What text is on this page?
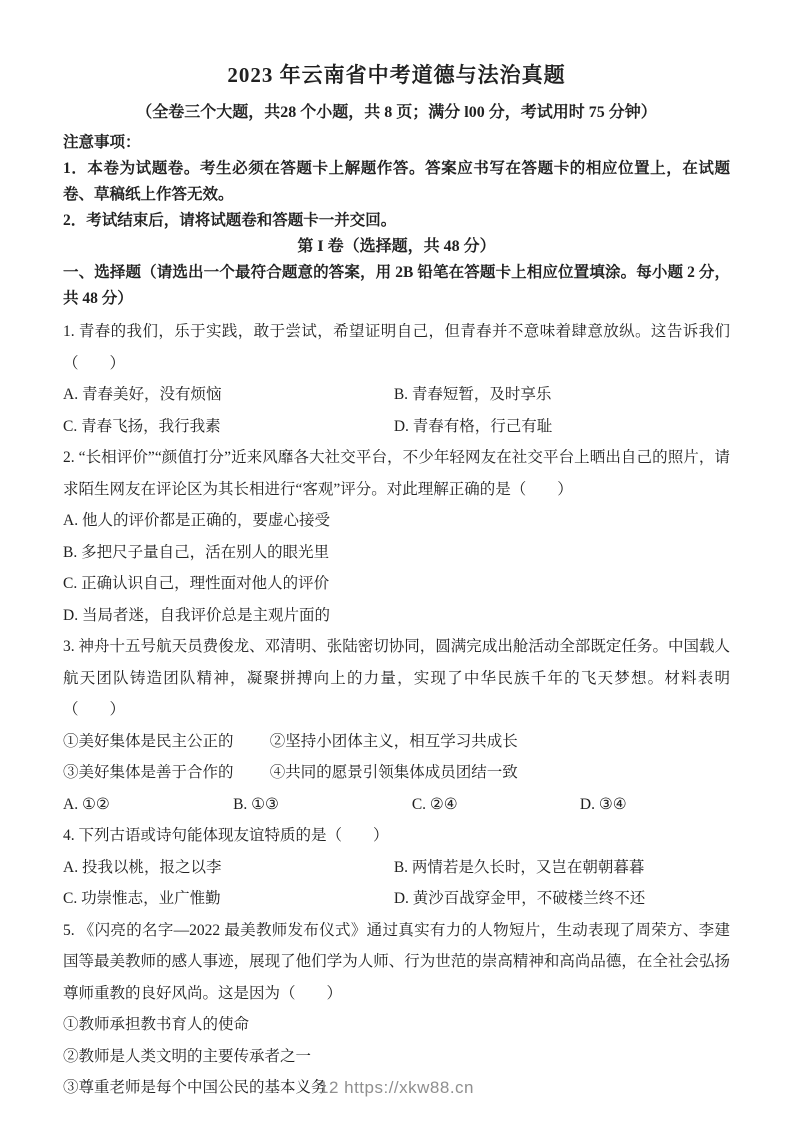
2023 年云南省中考道德与法治真题

（全卷三个大题，共28 个小题，共 8 页；满分 l00 分，考试用时 75 分钟）

注意事项：
1．本卷为试题卷。考生必须在答题卡上解题作答。答案应书写在答题卡的相应位置上，在试题卷、草稿纸上作答无效。
2．考试结束后，请将试题卷和答题卡一并交回。

第 I 卷（选择题，共 48 分）

一、选择题（请选出一个最符合题意的答案，用 2B 铅笔在答题卡上相应位置填涂。每小题 2 分，共 48 分）

1. 青春的我们，乐于实践，敢于尝试，希望证明自己，但青春并不意味着肆意放纵。这告诉我们（　　）

A. 青春美好，没有烦恼	B. 青春短暂，及时享乐
C. 青春飞扬，我行我素	D. 青春有格，行己有耻

2. “长相评价”“颜值打分”近来风靡各大社交平台，不少年轻网友在社交平台上晒出自己的照片，请求陌生网友在评论区为其长相进行“客观”评分。对此理解正确的是（　　）

A. 他人的评价都是正确的，要虚心接受
B. 多把尺子量自己，活在别人的眼光里
C. 正确认识自己，理性面对他人的评价
D. 当局者迷，自我评价总是主观片面的

3. 神舟十五号航天员费俊龙、邓清明、张陆密切协同，圆满完成出舱活动全部既定任务。中国载人航天团队铸造团队精神，凝聚拼搏向上的力量，实现了中华民族千年的飞天梦想。材料表明（　　）

①美好集体是民主公正的	②坚持小团体主义，相互学习共成长
③美好集体是善于合作的	④共同的愿景引领集体成员团结一致
A. ①②	B. ①③	C. ②④	D. ③④

4. 下列古语或诗句能体现友谊特质的是（　　）

A. 投我以桃，报之以李	B. 两情若是久长时，又岂在朝朝暮暮
C. 功崇惟志，业广惟勤	D. 黄沙百战穿金甲，不破楼兰终不还

5. 《闪亮的名字—2022 最美教师发布仪式》通过真实有力的人物短片，生动表现了周荣方、李建国等最美教师的感人事迹，展现了他们学为人师、行为世范的崇高精神和高尚品德，在全社会弘扬尊师重教的良好风尚。这是因为（　　）

①教师承担教书育人的使命
②教师是人类文明的主要传承者之一
③尊重老师是每个中国公民的基本义务
12 https://xkw88.cn
